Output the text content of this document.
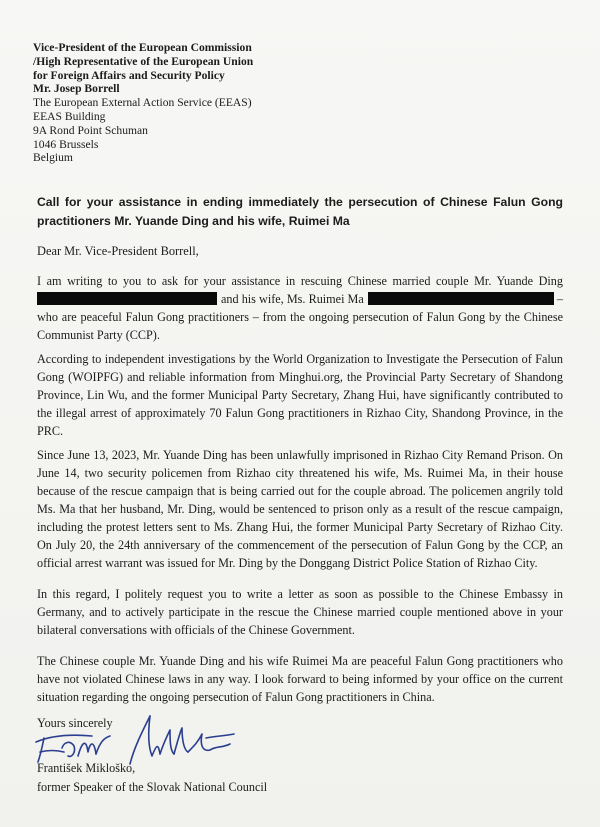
Vice-President of the European Commission
/High Representative of the European Union
for Foreign Affairs and Security Policy
Mr. Josep Borrell
The European External Action Service (EEAS)
EEAS Building
9A Rond Point Schuman
1046 Brussels
Belgium
Call for your assistance in ending immediately the persecution of Chinese Falun Gong practitioners Mr. Yuande Ding and his wife, Ruimei Ma
Dear Mr. Vice-President Borrell,
I am writing to you to ask for your assistance in rescuing Chinese married couple Mr. Yuande Ding and his wife, Ms. Ruimei Ma	– who are peaceful Falun Gong practitioners – from the ongoing persecution of Falun Gong by the Chinese Communist Party (CCP).
According to independent investigations by the World Organization to Investigate the Persecution of Falun Gong (WOIPFG) and reliable information from Minghui.org, the Provincial Party Secretary of Shandong Province, Lin Wu, and the former Municipal Party Secretary, Zhang Hui, have significantly contributed to the illegal arrest of approximately 70 Falun Gong practitioners in Rizhao City, Shandong Province, in the PRC.
Since June 13, 2023, Mr. Yuande Ding has been unlawfully imprisoned in Rizhao City Remand Prison. On June 14, two security policemen from Rizhao city threatened his wife, Ms. Ruimei Ma, in their house because of the rescue campaign that is being carried out for the couple abroad. The policemen angrily told Ms. Ma that her husband, Mr. Ding, would be sentenced to prison only as a result of the rescue campaign, including the protest letters sent to Ms. Zhang Hui, the former Municipal Party Secretary of Rizhao City. On July 20, the 24th anniversary of the commencement of the persecution of Falun Gong by the CCP, an official arrest warrant was issued for Mr. Ding by the Donggang District Police Station of Rizhao City.
In this regard, I politely request you to write a letter as soon as possible to the Chinese Embassy in Germany, and to actively participate in the rescue the Chinese married couple mentioned above in your bilateral conversations with officials of the Chinese Government.
The Chinese couple Mr. Yuande Ding and his wife Ruimei Ma are peaceful Falun Gong practitioners who have not violated Chinese laws in any way. I look forward to being informed by your office on the current situation regarding the ongoing persecution of Falun Gong practitioners in China.
Yours sincerely
František Mikloško,
former Speaker of the Slovak National Council
